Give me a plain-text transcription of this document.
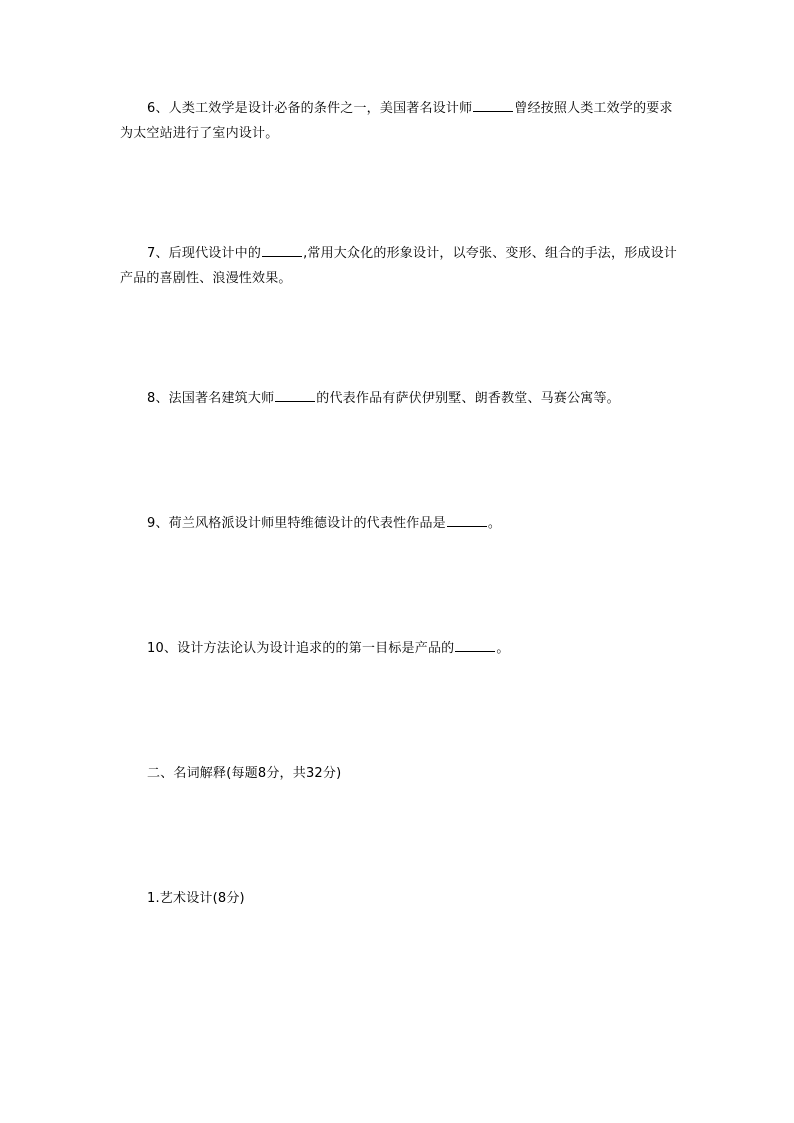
6、人类工效学是设计必备的条件之一，美国著名设计师	曾经按照人类工效学的要求为太空站进行了室内设计。

7、后现代设计中的	,常用大众化的形象设计，以夸张、变形、组合的手法，形成设计产品的喜剧性、浪漫性效果。

8、法国著名建筑大师	的代表作品有萨伏伊别墅、朗香教堂、马赛公寓等。

9、荷兰风格派设计师里特维德设计的代表性作品是	。

10、设计方法论认为设计追求的的第一目标是产品的	。

二、名词解释(每题8分，共32分)

1.艺术设计(8分)
